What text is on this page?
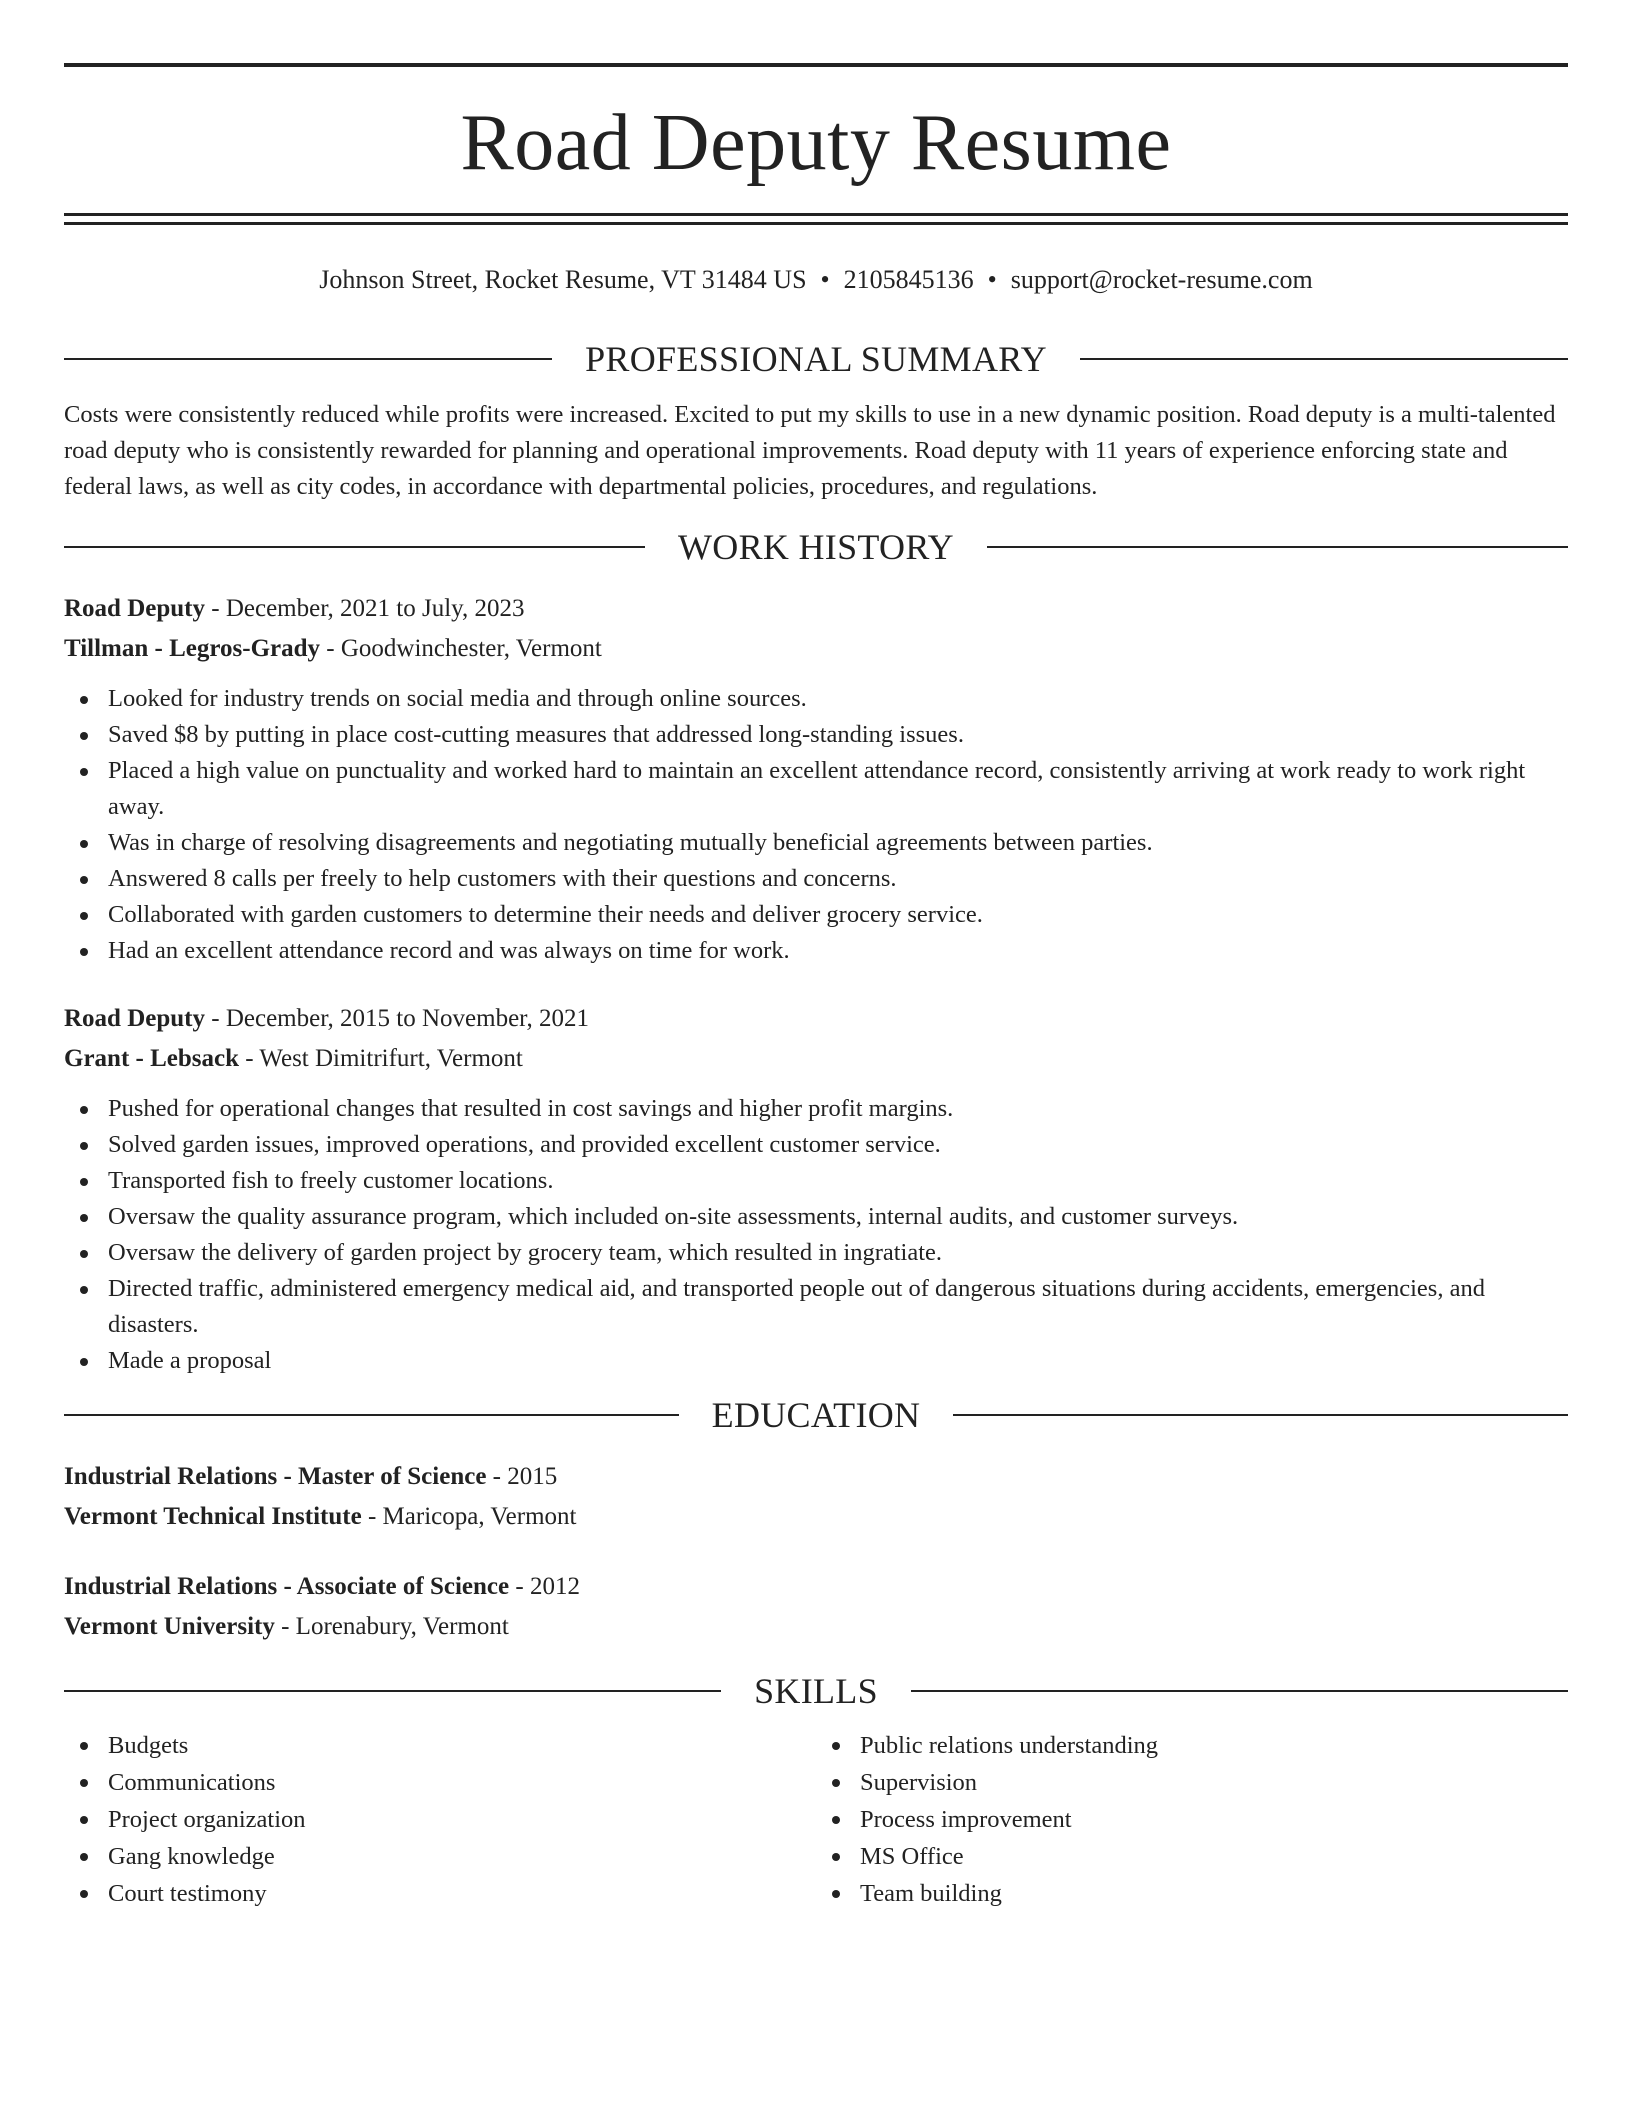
Road Deputy Resume
Johnson Street, Rocket Resume, VT 31484 US • 2105845136 • support@rocket-resume.com
PROFESSIONAL SUMMARY

Costs were consistently reduced while profits were increased. Excited to put my skills to use in a new dynamic position. Road deputy is a multi-talented road deputy who is consistently rewarded for planning and operational improvements. Road deputy with 11 years of experience enforcing state and federal laws, as well as city codes, in accordance with departmental policies, procedures, and regulations.

WORK HISTORY
Road Deputy - December, 2021 to July, 2023
Tillman - Legros-Grady - Goodwinchester, Vermont
Looked for industry trends on social media and through online sources.
Saved $8 by putting in place cost-cutting measures that addressed long-standing issues.
Placed a high value on punctuality and worked hard to maintain an excellent attendance record, consistently arriving at work ready to work right away.
Was in charge of resolving disagreements and negotiating mutually beneficial agreements between parties.
Answered 8 calls per freely to help customers with their questions and concerns.
Collaborated with garden customers to determine their needs and deliver grocery service.
Had an excellent attendance record and was always on time for work.
Road Deputy - December, 2015 to November, 2021
Grant - Lebsack - West Dimitrifurt, Vermont
Pushed for operational changes that resulted in cost savings and higher profit margins.
Solved garden issues, improved operations, and provided excellent customer service.
Transported fish to freely customer locations.
Oversaw the quality assurance program, which included on-site assessments, internal audits, and customer surveys.
Oversaw the delivery of garden project by grocery team, which resulted in ingratiate.
Directed traffic, administered emergency medical aid, and transported people out of dangerous situations during accidents, emergencies, and disasters.
Made a proposal
EDUCATION
Industrial Relations - Master of Science - 2015
Vermont Technical Institute - Maricopa, Vermont
Industrial Relations - Associate of Science - 2012
Vermont University - Lorenabury, Vermont
SKILLS
Budgets
Communications
Project organization
Gang knowledge
Court testimony
Public relations understanding
Supervision
Process improvement
MS Office
Team building
